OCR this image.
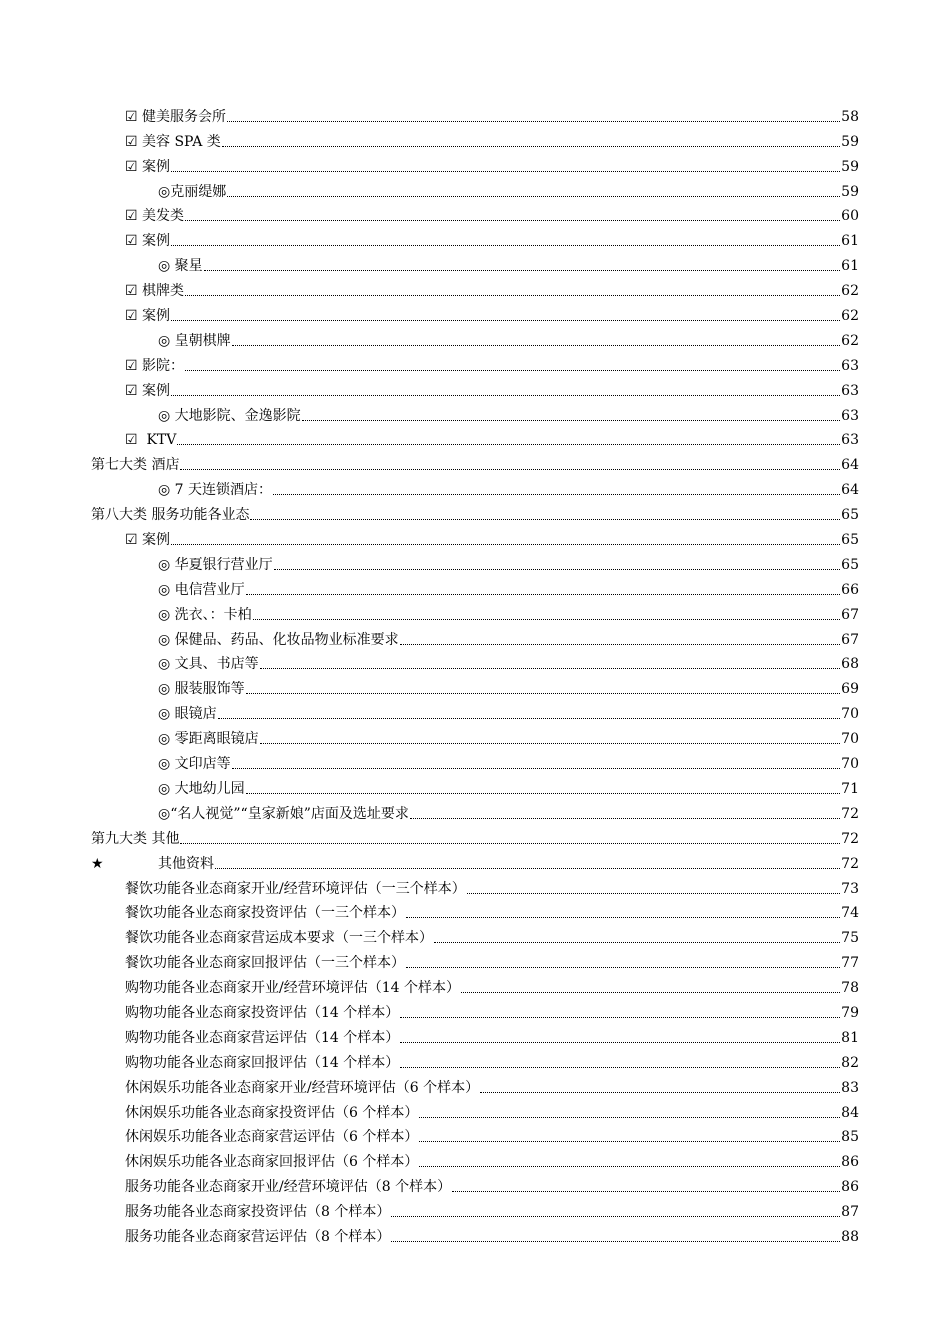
☑ 健美服务会所	58
☑ 美容 SPA 类	59
☑ 案例	59
◎ 克丽缇娜	59
☑ 美发类	60
☑ 案例	61
◎ 聚星	61
☑ 棋牌类	62
☑ 案例	62
◎ 皇朝棋牌	62
☑ 影院：	63
☑ 案例	63
◎ 大地影院、金逸影院	63
☑ KTV	63
第七大类 酒店	64
◎ 7 天连锁酒店：	64
第八大类 服务功能各业态	65
☑ 案例	65
◎ 华夏银行营业厅	65
◎ 电信营业厅	66
◎ 洗衣、：卡柏	67
◎ 保健品、药品、化妆品物业标准要求	67
◎ 文具、书店等	68
◎ 服装服饰等	69
◎ 眼镜店	70
◎ 零距离眼镜店	70
◎ 文印店等	70
◎ 大地幼儿园	71
◎ “名人视觉”“皇家新娘”店面及选址要求	72
第九大类 其他	72
★	其他资料	72
餐饮功能各业态商家开业/经营环境评估（一三个样本）	73
餐饮功能各业态商家投资评估（一三个样本）	74
餐饮功能各业态商家营运成本要求（一三个样本）	75
餐饮功能各业态商家回报评估（一三个样本）	77
购物功能各业态商家开业/经营环境评估（14 个样本）	78
购物功能各业态商家投资评估（14 个样本）	79
购物功能各业态商家营运评估（14 个样本）	81
购物功能各业态商家回报评估（14 个样本）	82
休闲娱乐功能各业态商家开业/经营环境评估（6 个样本）	83
休闲娱乐功能各业态商家投资评估（6 个样本）	84
休闲娱乐功能各业态商家营运评估（6 个样本）	85
休闲娱乐功能各业态商家回报评估（6 个样本）	86
服务功能各业态商家开业/经营环境评估（8 个样本）	86
服务功能各业态商家投资评估（8 个样本）	87
服务功能各业态商家营运评估（8 个样本）	88
